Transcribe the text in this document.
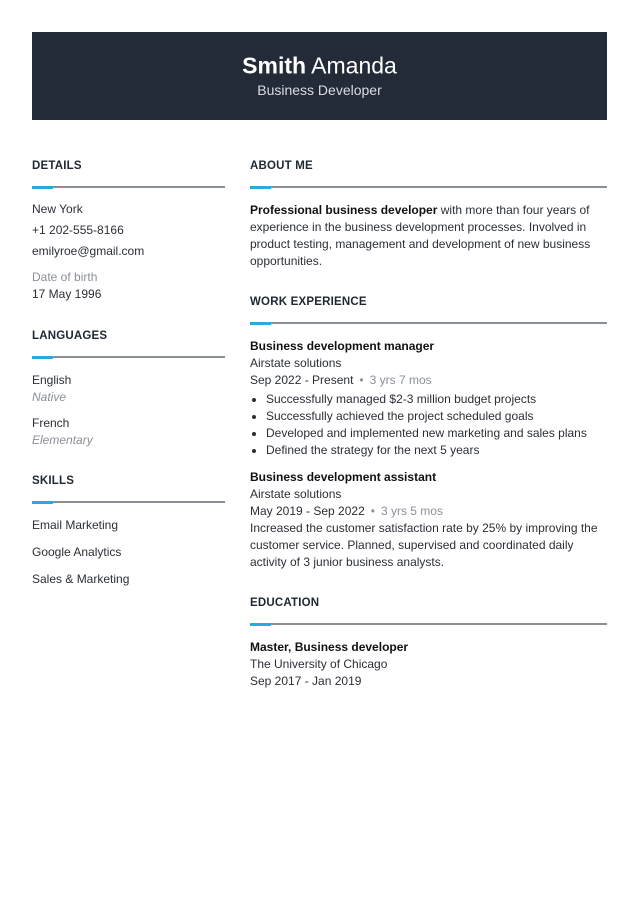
Smith Amanda
Business Developer
DETAILS
New York
+1 202-555-8166
emilyroe@gmail.com
Date of birth
17 May 1996
LANGUAGES
English
Native
French
Elementary
SKILLS
Email Marketing
Google Analytics
Sales & Marketing
ABOUT ME
Professional business developer with more than four years of experience in the business development processes. Involved in product testing, management and development of new business opportunities.
WORK EXPERIENCE
Business development manager
Airstate solutions
Sep 2022 - Present • 3 yrs 7 mos
• Successfully managed $2-3 million budget projects
• Successfully achieved the project scheduled goals
• Developed and implemented new marketing and sales plans
• Defined the strategy for the next 5 years
Business development assistant
Airstate solutions
May 2019 - Sep 2022 • 3 yrs 5 mos
Increased the customer satisfaction rate by 25% by improving the customer service. Planned, supervised and coordinated daily activity of 3 junior business analysts.
EDUCATION
Master, Business developer
The University of Chicago
Sep 2017 - Jan 2019
